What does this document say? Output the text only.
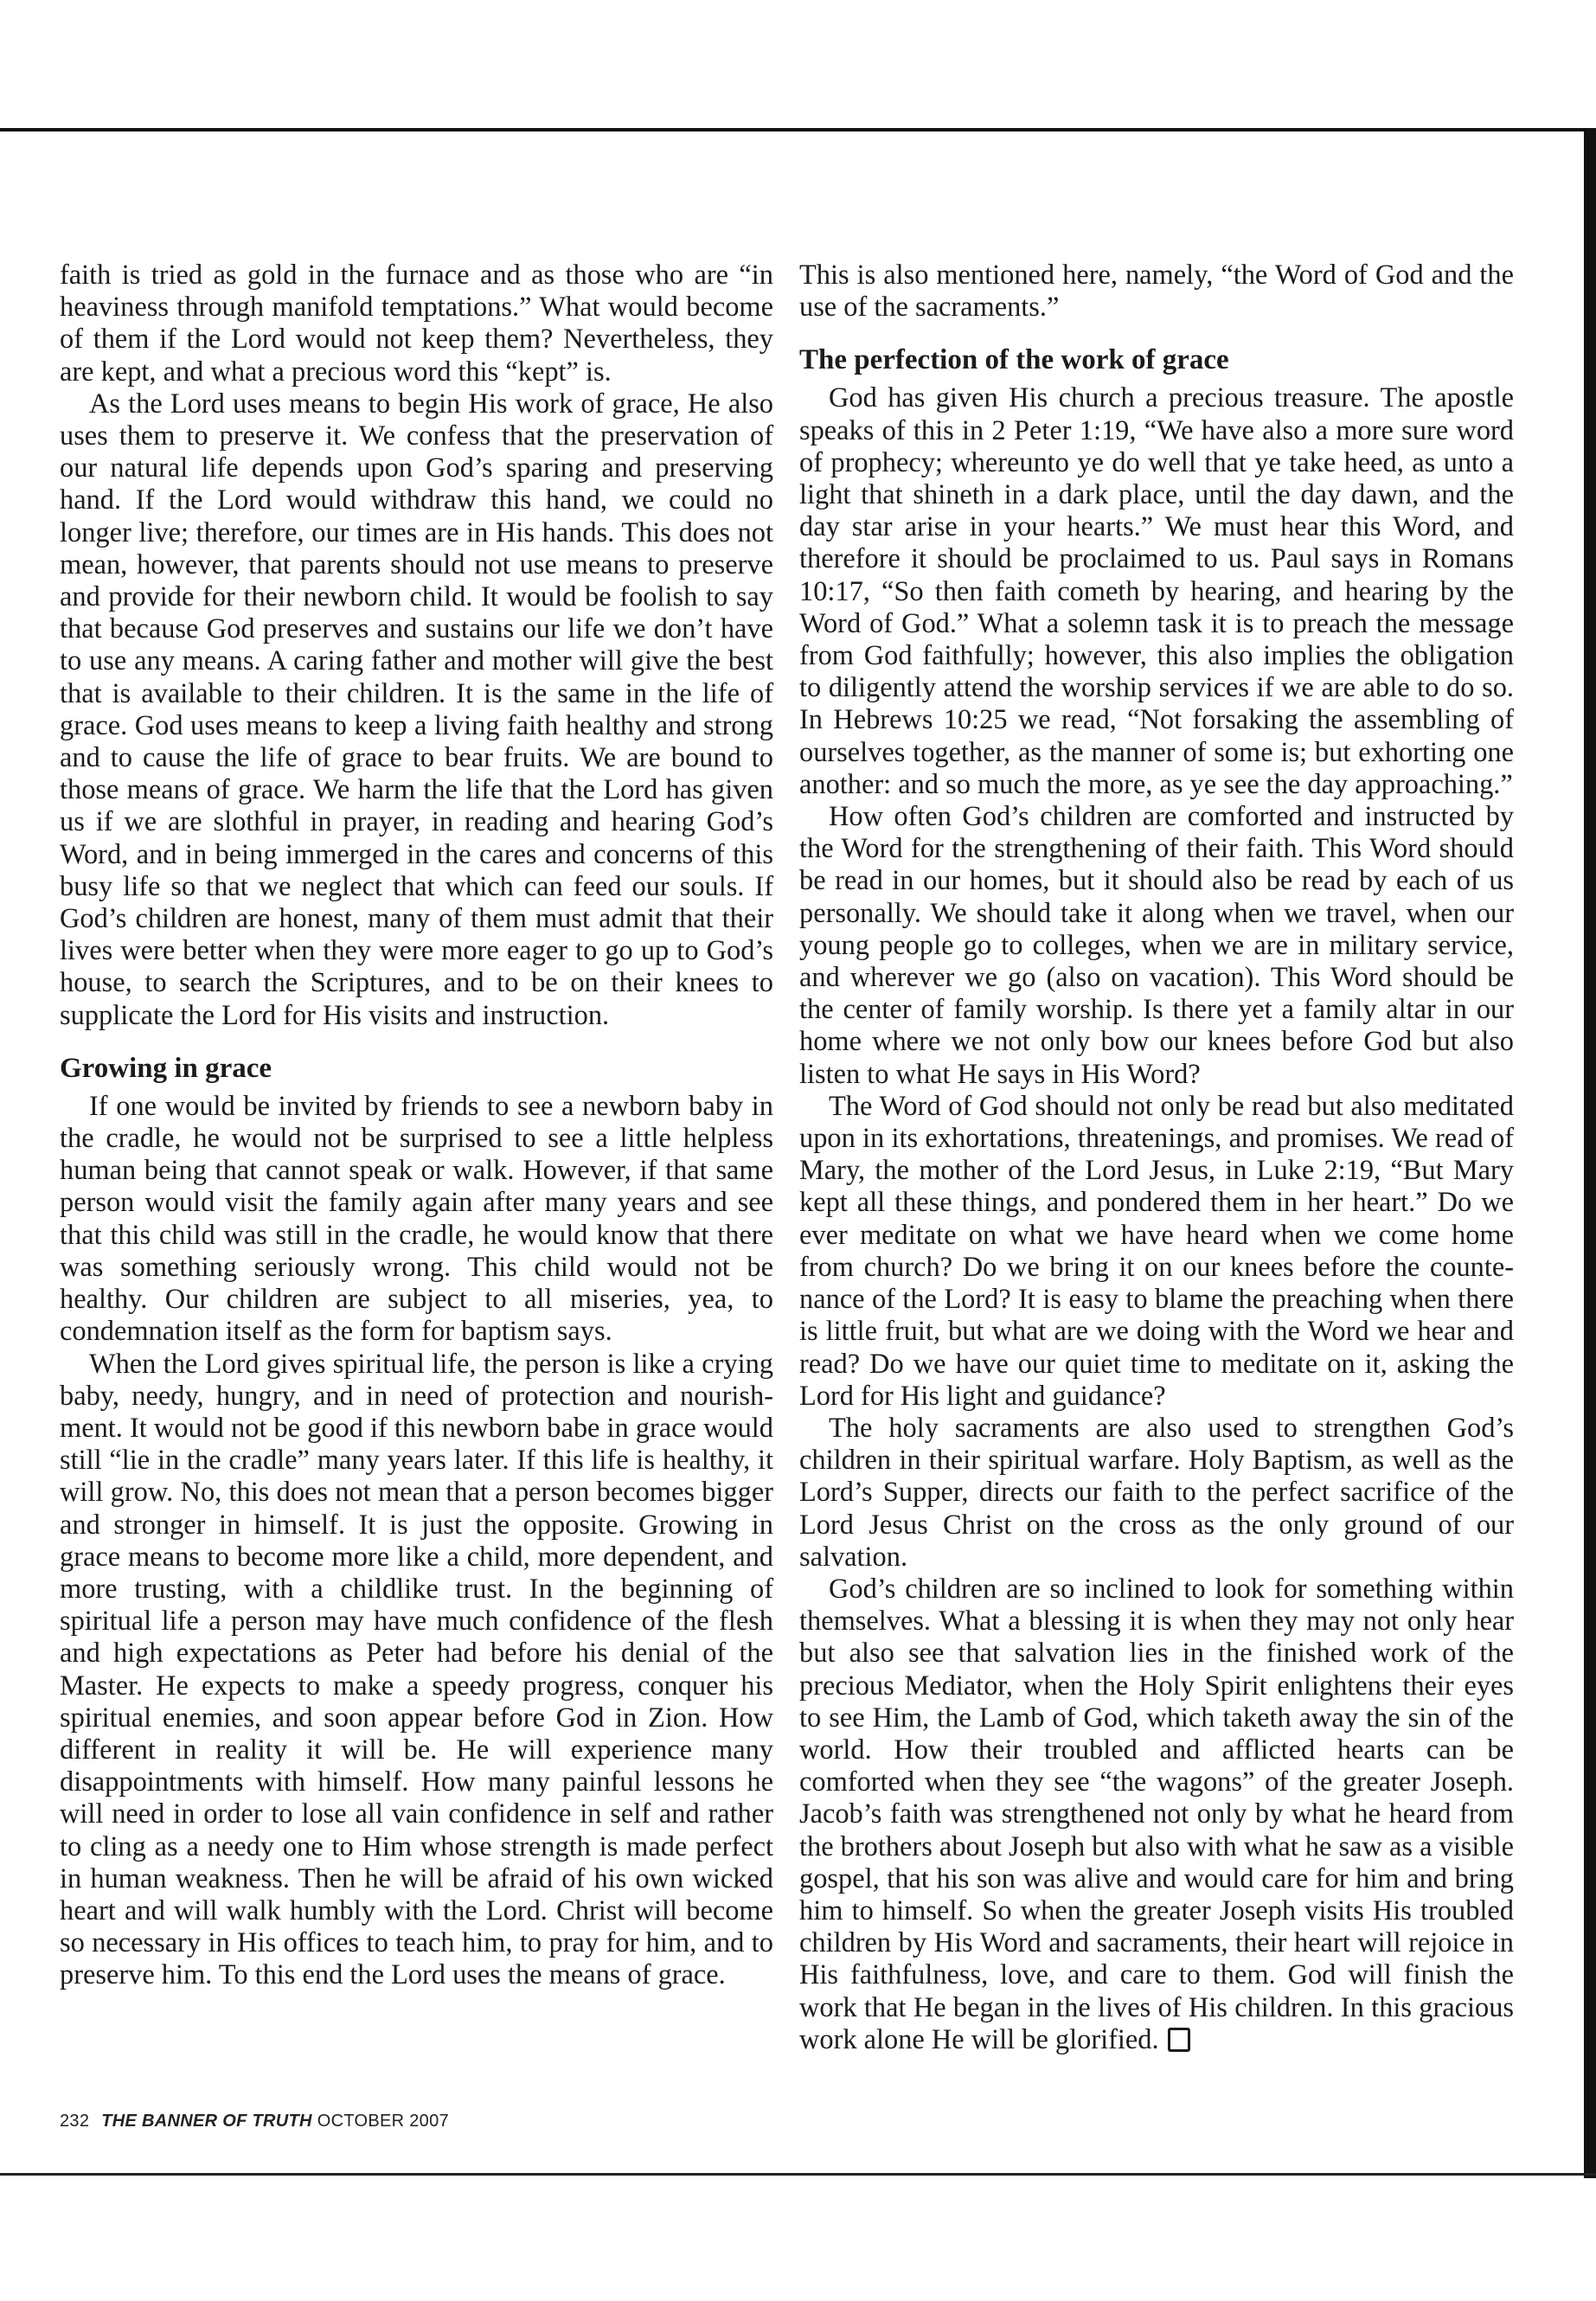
faith is tried as gold in the furnace and as those who are “in heaviness through manifold temptations.” What would become of them if the Lord would not keep them? Nevertheless, they are kept, and what a precious word this “kept” is.

As the Lord uses means to begin His work of grace, He also uses them to preserve it. We confess that the preservation of our natural life depends upon God’s sparing and preserving hand. If the Lord would withdraw this hand, we could no longer live; therefore, our times are in His hands. This does not mean, however, that parents should not use means to preserve and provide for their newborn child. It would be foolish to say that because God preserves and sustains our life we don’t have to use any means. A caring father and mother will give the best that is available to their children. It is the same in the life of grace. God uses means to keep a living faith healthy and strong and to cause the life of grace to bear fruits. We are bound to those means of grace. We harm the life that the Lord has given us if we are slothful in prayer, in reading and hearing God’s Word, and in being immerged in the cares and concerns of this busy life so that we neglect that which can feed our souls. If God’s children are honest, many of them must admit that their lives were better when they were more eager to go up to God’s house, to search the Scriptures, and to be on their knees to supplicate the Lord for His visits and instruction.

Growing in grace

If one would be invited by friends to see a newborn baby in the cradle, he would not be surprised to see a little helpless human being that cannot speak or walk. However, if that same person would visit the family again after many years and see that this child was still in the cradle, he would know that there was something seriously wrong. This child would not be healthy. Our children are subject to all miseries, yea, to condemnation itself as the form for baptism says.

When the Lord gives spiritual life, the person is like a crying baby, needy, hungry, and in need of protection and nourish-ment. It would not be good if this newborn babe in grace would still “lie in the cradle” many years later. If this life is healthy, it will grow. No, this does not mean that a person becomes bigger and stronger in himself. It is just the opposite. Growing in grace means to become more like a child, more dependent, and more trusting, with a childlike trust. In the beginning of spiritual life a person may have much confidence of the flesh and high expectations as Peter had before his denial of the Master. He expects to make a speedy progress, conquer his spiritual enemies, and soon appear before God in Zion. How different in reality it will be. He will experience many disappointments with himself. How many painful lessons he will need in order to lose all vain confidence in self and rather to cling as a needy one to Him whose strength is made perfect in human weakness. Then he will be afraid of his own wicked heart and will walk humbly with the Lord. Christ will become so necessary in His offices to teach him, to pray for him, and to preserve him. To this end the Lord uses the means of grace.

This is also mentioned here, namely, “the Word of God and the use of the sacraments.”

The perfection of the work of grace

God has given His church a precious treasure. The apostle speaks of this in 2 Peter 1:19, “We have also a more sure word of prophecy; whereunto ye do well that ye take heed, as unto a light that shineth in a dark place, until the day dawn, and the day star arise in your hearts.” We must hear this Word, and therefore it should be proclaimed to us. Paul says in Romans 10:17, “So then faith cometh by hearing, and hearing by the Word of God.” What a solemn task it is to preach the message from God faithfully; however, this also implies the obligation to diligently attend the worship services if we are able to do so. In Hebrews 10:25 we read, “Not forsaking the assembling of ourselves together, as the manner of some is; but exhorting one another: and so much the more, as ye see the day approaching.”

How often God’s children are comforted and instructed by the Word for the strengthening of their faith. This Word should be read in our homes, but it should also be read by each of us personally. We should take it along when we travel, when our young people go to colleges, when we are in military service, and wherever we go (also on vacation). This Word should be the center of family worship. Is there yet a family altar in our home where we not only bow our knees before God but also listen to what He says in His Word?

The Word of God should not only be read but also meditated upon in its exhortations, threatenings, and promises. We read of Mary, the mother of the Lord Jesus, in Luke 2:19, “But Mary kept all these things, and pondered them in her heart.” Do we ever meditate on what we have heard when we come home from church? Do we bring it on our knees before the counte-nance of the Lord? It is easy to blame the preaching when there is little fruit, but what are we doing with the Word we hear and read? Do we have our quiet time to meditate on it, asking the Lord for His light and guidance?

The holy sacraments are also used to strengthen God’s children in their spiritual warfare. Holy Baptism, as well as the Lord’s Supper, directs our faith to the perfect sacrifice of the Lord Jesus Christ on the cross as the only ground of our salvation.

God’s children are so inclined to look for something within themselves. What a blessing it is when they may not only hear but also see that salvation lies in the finished work of the precious Mediator, when the Holy Spirit enlightens their eyes to see Him, the Lamb of God, which taketh away the sin of the world. How their troubled and afflicted hearts can be comforted when they see “the wagons” of the greater Joseph. Jacob’s faith was strengthened not only by what he heard from the brothers about Joseph but also with what he saw as a visible gospel, that his son was alive and would care for him and bring him to himself. So when the greater Joseph visits His troubled children by His Word and sacraments, their heart will rejoice in His faithfulness, love, and care to them. God will finish the work that He began in the lives of His children. In this gracious work alone He will be glorified.

232 THE BANNER OF TRUTH OCTOBER 2007
